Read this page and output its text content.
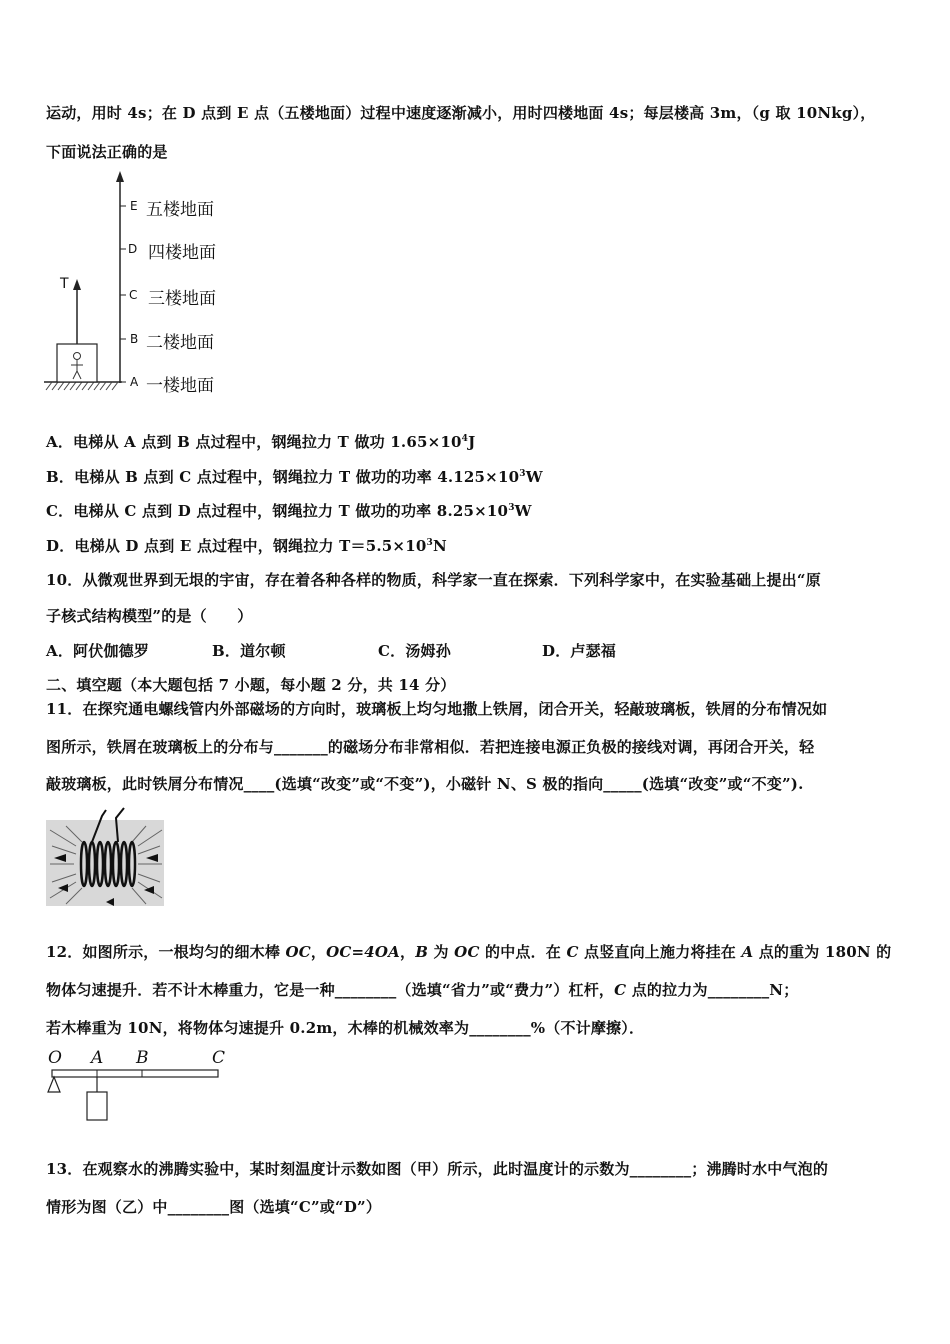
运动，用时 4s；在 D 点到 E 点（五楼地面）过程中速度逐渐减小，用时四楼地面 4s；每层楼高 3m，（g 取 10Nkg），
下面说法正确的是
T
E 五楼地面
D 四楼地面
C 三楼地面
B 二楼地面
A 一楼地面
A．电梯从 A 点到 B 点过程中，钢绳拉力 T 做功 $1.65\times 10^4J$
B．电梯从 B 点到 C 点过程中，钢绳拉力 T 做功的功率 $4.125\times 10^3W$
C．电梯从 C 点到 D 点过程中，钢绳拉力 T 做功的功率 $8.25\times 10^3W$
D．电梯从 D 点到 E 点过程中，钢绳拉力 $T=5.5\times 10^3N$
10．从微观世界到无垠的宇宙，存在着各种各样的物质，科学家一直在探索．下列科学家中，在实验基础上提出“原
子核式结构模型”的是（　　）
A．阿伏伽德罗	B．道尔顿	C．汤姆孙	D．卢瑟福
二、填空题（本大题包括 7 小题，每小题 2 分，共 14 分）
11．在探究通电螺线管内外部磁场的方向时，玻璃板上均匀地撒上铁屑，闭合开关，轻敲玻璃板，铁屑的分布情况如
图所示，铁屑在玻璃板上的分布与_______的磁场分布非常相似．若把连接电源正负极的接线对调，再闭合开关，轻
敲玻璃板，此时铁屑分布情况____(选填“改变”或“不变”)，小磁针 N、S 极的指向_____(选填“改变”或“不变”).
12．如图所示，一根均匀的细木棒 OC，OC=4OA，B 为 OC 的中点．在 C 点竖直向上施力将挂在 A 点的重为 180N 的
物体匀速提升．若不计木棒重力，它是一种________（选填“省力”或“费力”）杠杆，C 点的拉力为________N；
若木棒重为 10N，将物体匀速提升 0.2m，木棒的机械效率为________%（不计摩擦）．
O A B	C
13．在观察水的沸腾实验中，某时刻温度计示数如图（甲）所示，此时温度计的示数为________；沸腾时水中气泡的
情形为图（乙）中________图（选填“C”或“D”）
